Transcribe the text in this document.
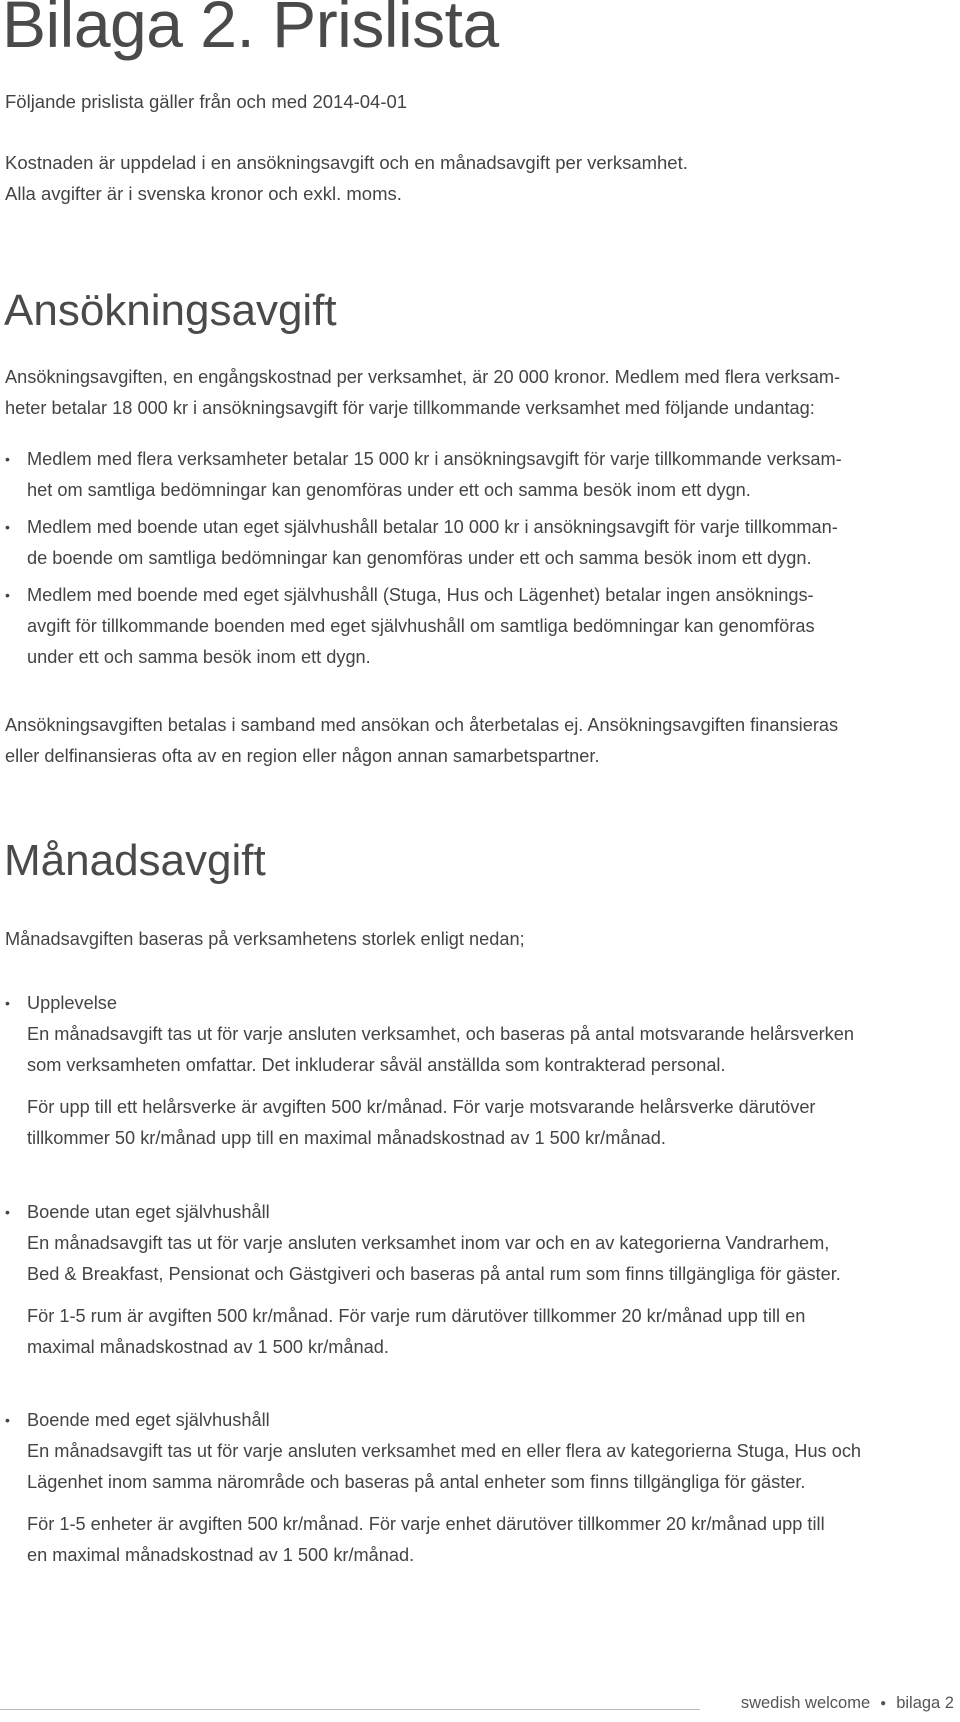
Bilaga 2. Prislista

Följande prislista gäller från och med 2014-04-01

Kostnaden är uppdelad i en ansökningsavgift och en månadsavgift per verksamhet.

Alla avgifter är i svenska kronor och exkl. moms.

Ansökningsavgift
Ansökningsavgiften, en engångskostnad per verksamhet, är 20 000 kronor. Medlem med flera verksam-
heter betalar 18 000 kr i ansökningsavgift för varje tillkommande verksamhet med följande undantag:
• Medlem med flera verksamheter betalar 15 000 kr i ansökningsavgift för varje tillkommande verksam-
het om samtliga bedömningar kan genomföras under ett och samma besök inom ett dygn.
• Medlem med boende utan eget självhushåll betalar 10 000 kr i ansökningsavgift för varje tillkomman-
de boende om samtliga bedömningar kan genomföras under ett och samma besök inom ett dygn.
• Medlem med boende med eget självhushåll (Stuga, Hus och Lägenhet) betalar ingen ansöknings-
avgift för tillkommande boenden med eget självhushåll om samtliga bedömningar kan genomföras
under ett och samma besök inom ett dygn.
Ansökningsavgiften betalas i samband med ansökan och återbetalas ej. Ansökningsavgiften finansieras
eller delfinansieras ofta av en region eller någon annan samarbetspartner.
Månadsavgift

Månadsavgiften baseras på verksamhetens storlek enligt nedan;

• Upplevelse
En månadsavgift tas ut för varje ansluten verksamhet, och baseras på antal motsvarande helårsverken
som verksamheten omfattar. Det inkluderar såväl anställda som kontrakterad personal.
För upp till ett helårsverke är avgiften 500 kr/månad. För varje motsvarande helårsverke därutöver
tillkommer 50 kr/månad upp till en maximal månadskostnad av 1 500 kr/månad.
• Boende utan eget självhushåll
En månadsavgift tas ut för varje ansluten verksamhet inom var och en av kategorierna Vandrarhem,
Bed & Breakfast, Pensionat och Gästgiveri och baseras på antal rum som finns tillgängliga för gäster.
För 1-5 rum är avgiften 500 kr/månad. För varje rum därutöver tillkommer 20 kr/månad upp till en
maximal månadskostnad av 1 500 kr/månad.
• Boende med eget självhushåll
En månadsavgift tas ut för varje ansluten verksamhet med en eller flera av kategorierna Stuga, Hus och
Lägenhet inom samma närområde och baseras på antal enheter som finns tillgängliga för gäster.
För 1-5 enheter är avgiften 500 kr/månad. För varje enhet därutöver tillkommer 20 kr/månad upp till
en maximal månadskostnad av 1 500 kr/månad.
swedish welcome ● bilaga 2
